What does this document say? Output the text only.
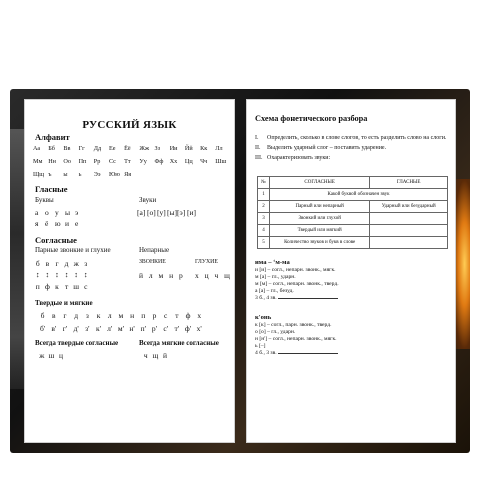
РУССКИЙ ЯЗЫК
Алфавит
Аа	Бб	Вв	Гг	Дд	Ее	Ёё	Жж Зз	Ии	Йй	Кк	Лл
Мм Нн	Оо	Пп	Рр	Сс	Тт	Уу	Фф	Хх	Цц	Чч	Шш
Щщ ъ	ы	ь	Ээ	Юю Яя
Гласные
Буквы	Звуки
а о у ы э
я ё ю и е
[а] [о] [у] [ы] [э] [и]
Согласные
Парные звонкие и глухие	Непарные
ЗВОНКИЕ	ГЛУХИЕ
б в г д ж з
↕ ↕ ↕ ↕ ↕ ↕
п ф к т ш с
й л м н р х ц ч щ
Твердые и мягкие
б	в	г	д	з	к л м н п р	с	т ф х
б' в' г' д' з' к' л' м' н' п' р' с' т' ф' х'
Всегда твердые согласные	Всегда мягкие согласные
ж ш ц	ч щ й
Схема фонетического разбора
I.	Определить, сколько в слове слогов, то есть разделить слово на слоги.
II.	Выделить ударный слог – поставить ударение.
III. Охарактеризовать звуки:
№	СОГЛАСНЫЕ	ГЛАСНЫЕ
1	Какой буквой обозначен звук	
2	Парный или непарный	Ударный или безударный
3	Звонкий или глухой	
4	Твердый или мягкий	
5	Количество звуков и букв в слове	
има – ‘м-ма
и [и] – согл., непарн. звонк., мягк.
м [а] – гл., ударн.
м [м] – согл., непарн. звонк., тверд.
а [а] – гл., безуд.
3 б., 4 зв.
к'онь
к [к] – согл., парн. звонк., тверд.
о [о] – гл., ударн.
н [н'] – согл., непарн. звонк., мягк.
ь [–]
4 б., 3 зв.
